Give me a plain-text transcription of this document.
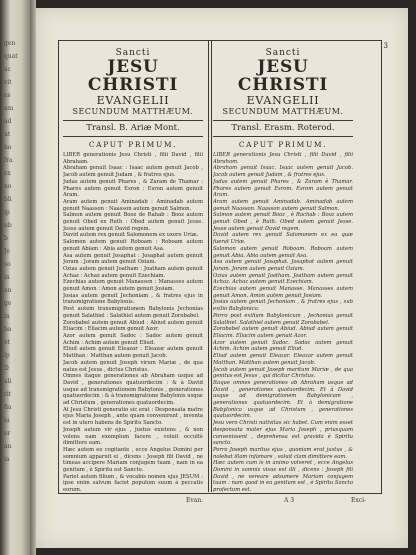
gen
quat
ac
vit
es
um
ad
ut
no
fra
ex
no
bli
ip
ub
b
Je
so
in
an
ge
in
ba
et
ip
D
ali
rit
fia
iu
er
an
ia
3
Sancti
JESU CHRISTI
EVANGELII
SECUNDUM MATTHÆUM.
Transl. B. Ariæ Mont.
CAPUT PRIMUM.
LIBER generationis Jesu Christi , filii David , filii Abraham.
Abraham genuit Isaac : Isaac autem genuit Jacob , Jacob autem genuit Judam , & fratres ejus.
Judas autem genuit Phares , & Zaram de Thamar : Phares autem genuit Esron : Esron autem genuit Aram.
Aram autem genuit Aminadab : Aminadab autem genuit Naasson : Naasson autem genuit Salmon.
Salmon autem genuit Booz de Rahab : Booz autem genuit Obed ex Ruth : Obed autem genuit Jesse. Jesse autem genuit David regem.
David autem rex genuit Salomonem ex uxore Uriæ.
Salomon autem genuit Roboam : Roboam autem genuit Abiam : Abia autem genuit Asa.
Asa autem genuit Josaphat : Josaphat autem genuit Joram : Joram autem genuit Oziam.
Ozias autem genuit Joatham : Joatham autem genuit Achaz : Achaz autem genuit Ezechiam.
Ezechias autem genuit Manassen : Manasses autem genuit Amon : Amon autem genuit Josiam.
Josias autem genuit Jechoniam , & fratres ejus in transmigratione Babylonis.
Post autem transmigrationem Babylonis Jechonias genuit Salathiel : Salathiel autem genuit Zorobabel.
Zorobabel autem genuit Abiud : Abiud autem genuit Eliacim : Eliacim autem genuit Azor.
Azor autem genuit Sadoc : Sadoc autem genuit Achim : Achim autem genuit Eliud.
Eliud autem genuit Eleazar : Eleazar autem genuit Matthan : Matthan autem genuit Jacob.
Jacob autem genuit Joseph virum Mariæ , de qua natus est Jesus , dictus Christus.
Omnes itaque generationes ab Abraham usque ad David , generationes quatuordecim : & à David usque ad transmigrationem Babylonis , generationes quatuordecim : & à transmigratione Babylonis usque ad Christum , generationes quatuordecim.
At Jesu Christi generatio sic erat : Desponsata matre ejus Maria Joseph , ante quam convenirent , inventa est in utero habens de Spiritu Sancto.
Joseph autem vir ejus , justus existens , & non volens eam exemplum facere , voluit occultè dimittere eam.
Hæc autem eo cogitante , ecce Angelus Domini per somnium apparuit ei , dicens : Joseph fili David , ne timeas accipere Mariam conjugem tuam , nam in ea genitum , è Spiritu est Sancto.
Pariet autem filium , & vocabis nomen ejus JESUM : ipse enim salvum faciet populum suum à peccatis eorum.
Sancti
JESU CHRISTI
EVANGELII
SECUNDUM MATTHÆUM.
Transl. Erasm. Roterod.
CAPUT PRIMUM.
LIBER generationis Jesu Christi , filii David , filii Abraham.
Abraham genuit Isaac. Isaac autem genuit Jacob. Jacob autem genuit Judam , & fratres ejus.
Judas autem genuit Phares , & Zaram è Thamar. Phares autem genuit Esrom. Esrom autem genuit Aram.
Aram autem genuit Aminadab. Aminadab autem genuit Naasson. Naasson autem genuit Salmon.
Salmon autem genuit Booz , è Rachab : Booz autem genuit Obed , è Ruth. Obed autem genuit Jesse. Jesse autem genuit David regem.
David autem rex genuit Salomonem ex ea quæ fuerat Uriæ.
Salomon autem genuit Roboam. Roboam autem genuit Abia. Abia autem genuit Asa.
Asa autem genuit Josaphat. Josaphat autem genuit Joram. Joram autem genuit Oziam.
Ozias autem genuit Joatham. Joatham autem genuit Achaz. Achaz autem genuit Ezechiam.
Ezechias autem genuit Manasse. Manasses autem genuit Amon. Amon autem genuit Josiam.
Josias autem genuit Jechoniam , & fratres ejus , sub exilio Babylonico.
Porro post exilium Babylonicum , Jechonias genuit Salathiel. Salathiel autem genuit Zorobabel.
Zorobabel autem genuit Abiud. Abiud autem genuit Eliacim. Eliacim autem genuit Azor.
Azor autem genuit Sadoc. Sadoc autem genuit Achim. Achim autem genuit Eliud.
Eliud autem genuit Eleazar. Eleazar autem genuit Matthan. Matthan autem genuit Jacob.
Jacob autem genuit Joseph maritum Mariæ , de qua genitus est Jesus , qui dicitur Christus.
Itaque omnes generationes ab Abraham usque ad David , generationes quatuordecim. Et à David usque ad demigrationem Babylonicam , generationes quatuordecim. Et à demigratione Babylonica usque ad Christum , generationes quatuordecim.
Jesu vero Christi nativitas sic habet. Cum enim esset desponsata mater ejus Maria Joseph , priusquam convenissent , deprehensa est gravida è Spiritu sancto.
Porro Joseph maritus ejus , quoniam erat justus , & nolebat illam infamare , voluit clam dimittere eam.
Hæc autem cum is in animo volveret , ecce Angelus Domini in somnis visus est illi , dicens : Joseph fili David , ne vereare adsumere Mariam conjugem tuam : nam quod in ea genitum est , è Spiritu Sancto profectum est.
Evan.	A 3	Exci-
